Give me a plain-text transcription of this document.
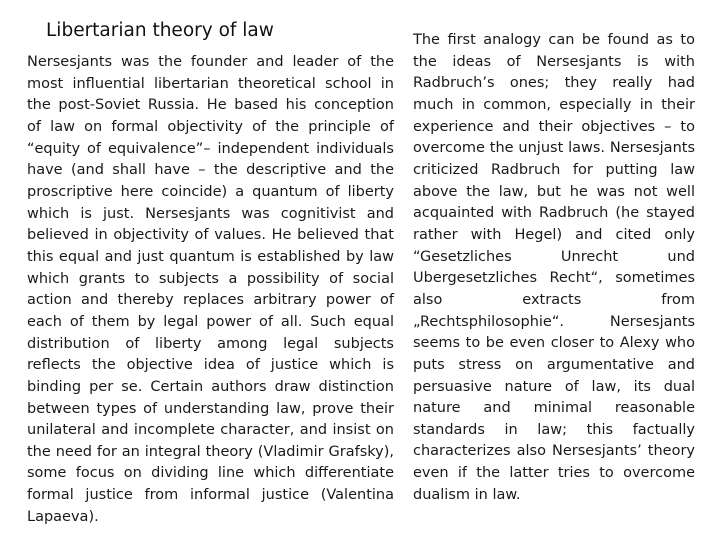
Libertarian theory of law

Nersesjants was the founder and leader of the most influential libertarian theoretical school in the post-Soviet Russia. He based his conception of law on formal objectivity of the principle of “equity of equivalence”– independent individuals have (and shall have – the descriptive and the proscriptive here coincide) a quantum of liberty which is just. Nersesjants was cognitivist and believed in objectivity of values. He believed that this equal and just quantum is established by law which grants to subjects a possibility of social action and thereby replaces arbitrary power of each of them by legal power of all. Such equal distribution of liberty among legal subjects reflects the objective idea of justice which is binding per se. Certain authors draw distinction between types of understanding law, prove their unilateral and incomplete character, and insist on the need for an integral theory (Vladimir Grafsky), some focus on dividing line which differentiate formal justice from informal justice (Valentina Lapaeva).

The first analogy can be found as to the ideas of Nersesjants is with Radbruch’s ones; they really had much in common, especially in their experience and their objectives – to overcome the unjust laws. Nersesjants criticized Radbruch for putting law above the law, but he was not well acquainted with Radbruch (he stayed rather with Hegel) and cited only “Gesetzliches Unrecht und Ubergesetzliches Recht“, sometimes also extracts from „Rechtsphilosophie“. Nersesjants seems to be even closer to Alexy who puts stress on argumentative and persuasive nature of law, its dual nature and minimal reasonable standards in law; this factually characterizes also Nersesjants’ theory even if the latter tries to overcome dualism in law.
